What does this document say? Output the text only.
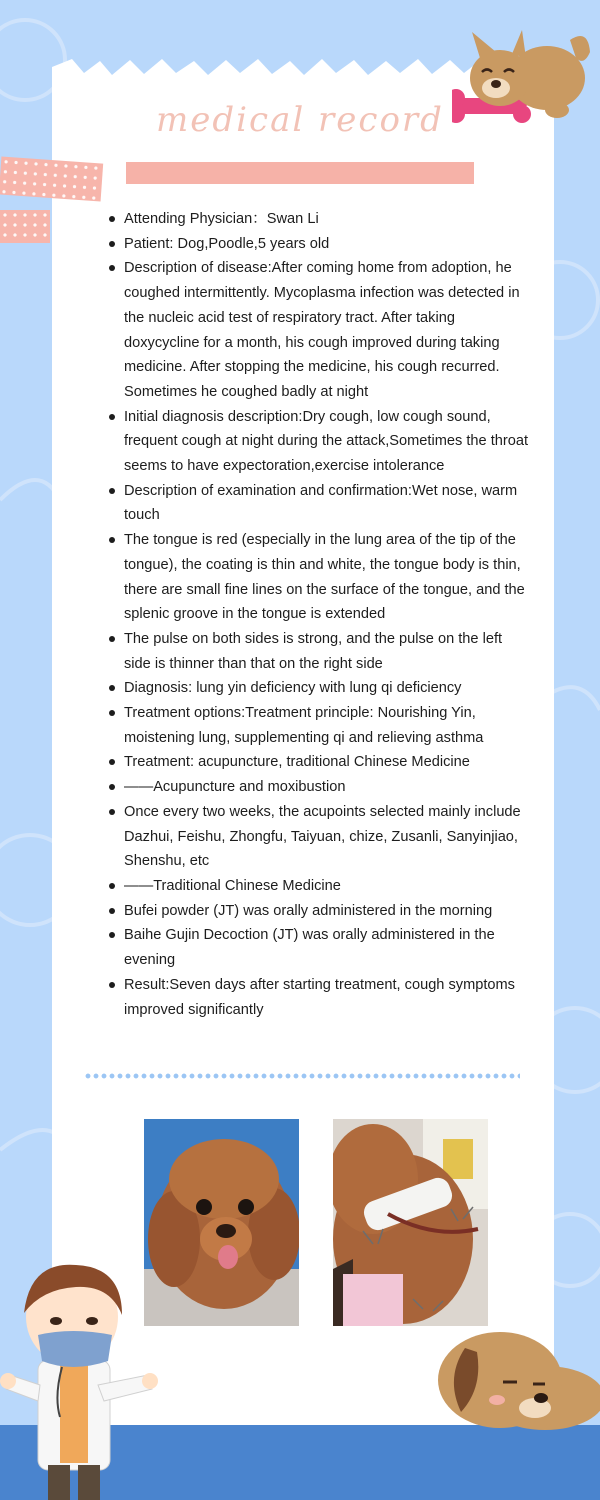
medical record
Attending Physician：Swan Li
Patient: Dog,Poodle,5 years old
Description of disease:After coming home from adoption, he coughed intermittently. Mycoplasma infection was detected in the nucleic acid test of respiratory tract. After taking doxycycline for a month, his cough improved during taking medicine. After stopping the medicine, his cough recurred. Sometimes he coughed badly at night
Initial diagnosis description:Dry cough, low cough sound, frequent cough at night during the attack,Sometimes the throat seems to have expectoration,exercise intolerance
Description of examination and confirmation:Wet nose, warm touch
The tongue is red (especially in the lung area of the tip of the tongue), the coating is thin and white, the tongue body is thin, there are small fine lines on the surface of the tongue, and the splenic groove in the tongue is extended
The pulse on both sides is strong, and the pulse on the left side is thinner than that on the right side
Diagnosis: lung yin deficiency with lung qi deficiency
Treatment options:Treatment principle: Nourishing Yin, moistening lung, supplementing qi and relieving asthma
Treatment: acupuncture, traditional Chinese Medicine
——Acupuncture and moxibustion
Once every two weeks, the acupoints selected mainly include Dazhui, Feishu, Zhongfu, Taiyuan, chize, Zusanli, Sanyinjiao, Shenshu, etc
——Traditional Chinese Medicine
Bufei powder (JT) was orally administered in the morning
Baihe Gujin Decoction (JT) was orally administered in the evening
Result:Seven days after starting treatment, cough symptoms improved significantly
